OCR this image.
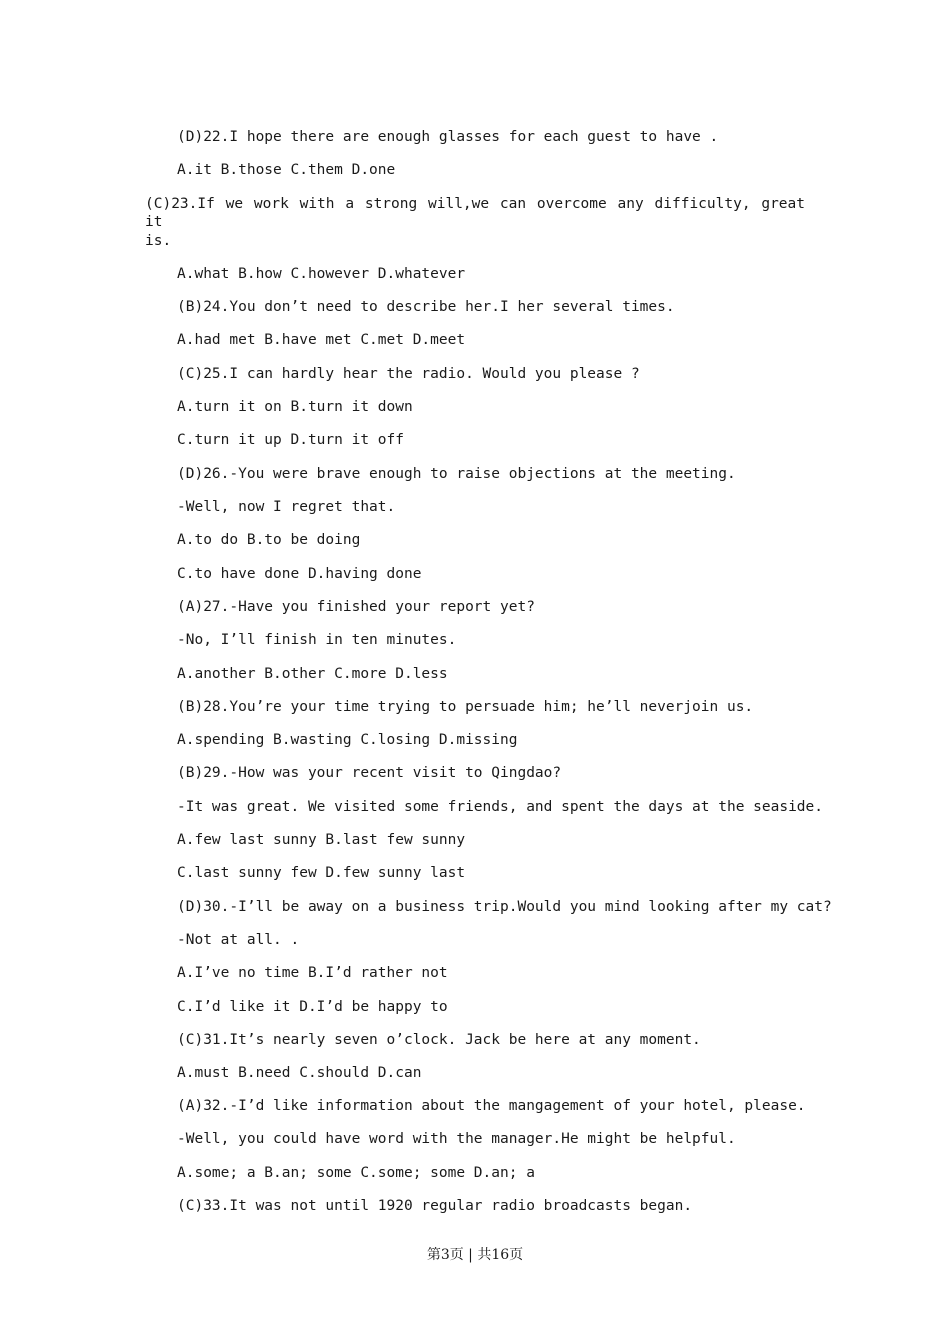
(D)22.I hope there are enough glasses for each guest to have .
A.it B.those C.them D.one
(C)23.If we work with a strong will,we can overcome any difficulty, great it
is.
A.what B.how C.however D.whatever
(B)24.You don’t need to describe her.I her several times.
A.had met B.have met C.met D.meet
(C)25.I can hardly hear the radio. Would you please ?
A.turn it on B.turn it down
C.turn it up D.turn it off
(D)26.-You were brave enough to raise objections at the meeting.
-Well, now I regret that.
A.to do B.to be doing
C.to have done D.having done
(A)27.-Have you finished your report yet?
-No, I’ll finish in ten minutes.
A.another B.other C.more D.less
(B)28.You’re your time trying to persuade him; he’ll neverjoin us.
A.spending B.wasting C.losing D.missing
(B)29.-How was your recent visit to Qingdao?
-It was great. We visited some friends, and spent the days at the seaside.
A.few last sunny B.last few sunny
C.last sunny few D.few sunny last
(D)30.-I’ll be away on a business trip.Would you mind looking after my cat?
-Not at all. .
A.I’ve no time B.I’d rather not
C.I’d like it D.I’d be happy to
(C)31.It’s nearly seven o’clock. Jack be here at any moment.
A.must B.need C.should D.can
(A)32.-I’d like information about the mangagement of your hotel, please.
-Well, you could have word with the manager.He might be helpful.
A.some; a B.an; some C.some; some D.an; a
(C)33.It was not until 1920 regular radio broadcasts began.
第3页 | 共16页
